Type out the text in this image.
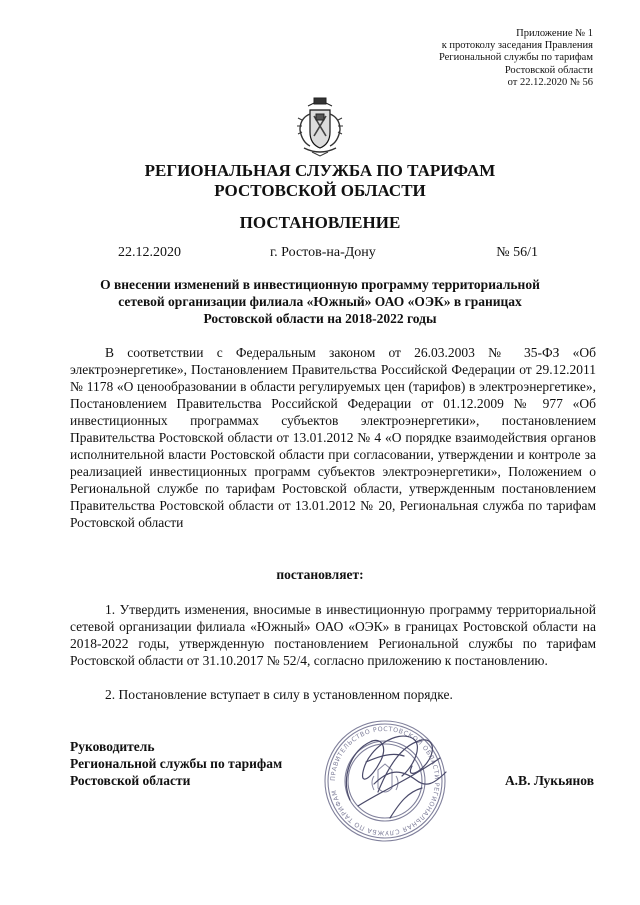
Приложение № 1
к протоколу заседания Правления
Региональной службы по тарифам
Ростовской области
от 22.12.2020 № 56
РЕГИОНАЛЬНАЯ СЛУЖБА ПО ТАРИФАМ
РОСТОВСКОЙ ОБЛАСТИ
ПОСТАНОВЛЕНИЕ
22.12.2020	г. Ростов-на-Дону	№ 56/1
О внесении изменений в инвестиционную программу территориальной
сетевой организации филиала «Южный» ОАО «ОЭК» в границах
Ростовской области на 2018-2022 годы

В соответствии с Федеральным законом от 26.03.2003 № 35-ФЗ «Об электроэнергетике», Постановлением Правительства Российской Федерации от 29.12.2011 № 1178 «О ценообразовании в области регулируемых цен (тарифов) в электроэнергетике», Постановлением Правительства Российской Федерации от 01.12.2009 № 977 «Об инвестиционных программах субъектов электроэнергетики», постановлением Правительства Ростовской области от 13.01.2012 № 4 «О порядке взаимодействия органов исполнительной власти Ростовской области при согласовании, утверждении и контроле за реализацией инвестиционных программ субъектов электроэнергетики», Положением о Региональной службе по тарифам Ростовской области, утвержденным постановлением Правительства Ростовской области от 13.01.2012 № 20, Региональная служба по тарифам Ростовской области

постановляет:

1. Утвердить изменения, вносимые в инвестиционную программу территориальной сетевой организации филиала «Южный» ОАО «ОЭК» в границах Ростовской области на 2018-2022 годы, утвержденную постановлением Региональной службы по тарифам Ростовской области от 31.10.2017 № 52/4, согласно приложению к постановлению.

2. Постановление вступает в силу в установленном порядке.

Руководитель
Региональной службы по тарифам
Ростовской области	ПРАВИТЕЛЬСТВО РОСТОВСКОЙ ОБЛАСТИ РЕГИОНАЛЬНАЯ СЛУЖБА ПО ТАРИФАМ
А.В. Лукьянов
